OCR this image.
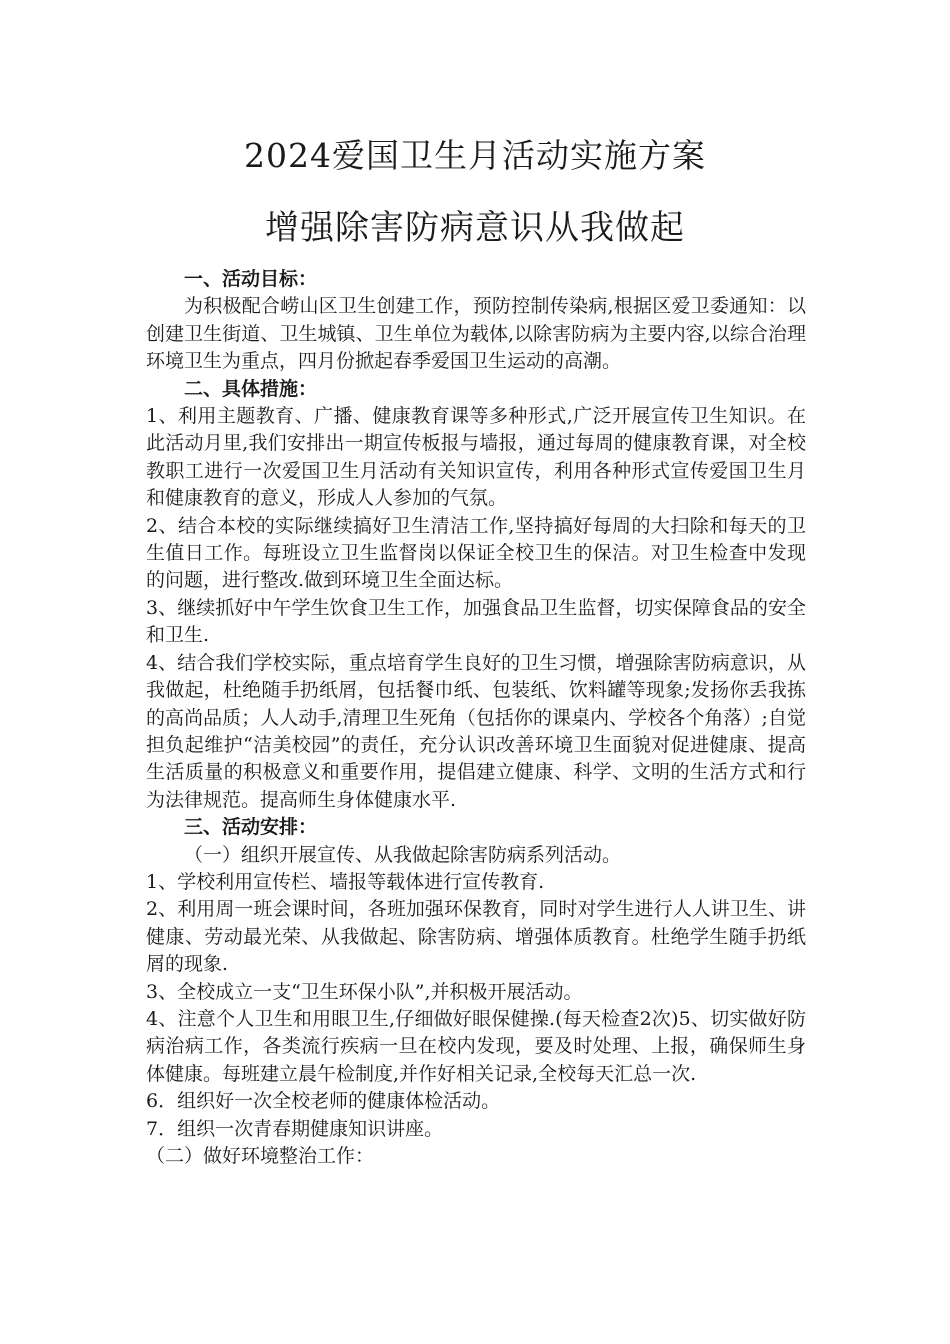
2024爱国卫生月活动实施方案
增强除害防病意识从我做起

一、活动目标：

为积极配合崂山区卫生创建工作，预防控制传染病,根据区爱卫委通知：以创建卫生街道、卫生城镇、卫生单位为载体,以除害防病为主要内容,以综合治理环境卫生为重点，四月份掀起春季爱国卫生运动的高潮。

二、具体措施：

1、利用主题教育、广播、健康教育课等多种形式,广泛开展宣传卫生知识。在此活动月里,我们安排出一期宣传板报与墙报，通过每周的健康教育课，对全校教职工进行一次爱国卫生月活动有关知识宣传，利用各种形式宣传爱国卫生月和健康教育的意义，形成人人参加的气氛。

2、结合本校的实际继续搞好卫生清洁工作,坚持搞好每周的大扫除和每天的卫生值日工作。每班设立卫生监督岗以保证全校卫生的保洁。对卫生检查中发现的问题，进行整改.做到环境卫生全面达标。

3、继续抓好中午学生饮食卫生工作，加强食品卫生监督，切实保障食品的安全和卫生.

4、结合我们学校实际，重点培育学生良好的卫生习惯，增强除害防病意识，从我做起，杜绝随手扔纸屑，包括餐巾纸、包装纸、饮料罐等现象;发扬你丢我拣的高尚品质；人人动手,清理卫生死角（包括你的课桌内、学校各个角落）;自觉担负起维护“洁美校园”的责任，充分认识改善环境卫生面貌对促进健康、提高生活质量的积极意义和重要作用，提倡建立健康、科学、文明的生活方式和行为法律规范。提高师生身体健康水平.

三、活动安排：

（一）组织开展宣传、从我做起除害防病系列活动。

1、学校利用宣传栏、墙报等载体进行宣传教育.

2、利用周一班会课时间，各班加强环保教育，同时对学生进行人人讲卫生、讲健康、劳动最光荣、从我做起、除害防病、增强体质教育。杜绝学生随手扔纸屑的现象.

3、全校成立一支“卫生环保小队”,并积极开展活动。

4、注意个人卫生和用眼卫生,仔细做好眼保健操.(每天检查2次)5、切实做好防病治病工作，各类流行疾病一旦在校内发现，要及时处理、上报，确保师生身体健康。每班建立晨午检制度,并作好相关记录,全校每天汇总一次.

6．组织好一次全校老师的健康体检活动。

7．组织一次青春期健康知识讲座。

（二）做好环境整治工作：
